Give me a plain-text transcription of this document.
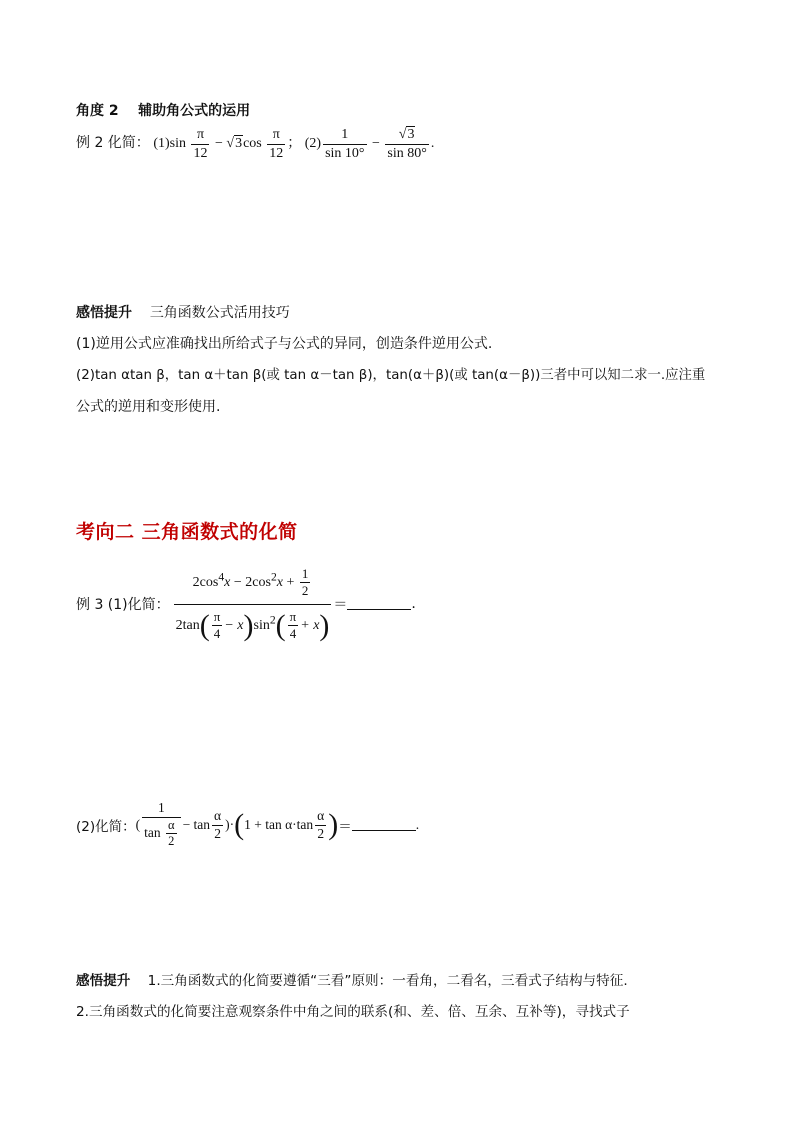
角度 2 辅助角公式的运用
例 2 化简： $(1)\sin \frac{\pi}{12} - √3\cos \frac{\pi}{12}$ ； $(2) \frac{1}{\sin 10^\circ} - \frac{√3}{\sin 80^\circ}$ .
感悟提升 三角函数公式活用技巧
(1)逆用公式应准确找出所给式子与公式的异同，创造条件逆用公式.
(2)tan αtan β，tan α＋tan β(或 tan α－tan β)，tan(α＋β)(或 tan(α－β))三者中可以知二求一.应注重
公式的逆用和变形使用.
考向二 三角函数式的化简
例 3 (1)化简：
$2\cos^4x - 2\cos^2x + \frac{1}{2}$
$2\tan( \frac{\pi}{4} - x)\sin^2( \frac{\pi}{4} + x)$
＝	.
(2)化简： ( $\frac{1}{\tan \frac{\alpha}{2}} - \tan \frac{\alpha}{2}$ ) · ( $1 + \tan \alpha\cdot\tan \frac{\alpha}{2}$ ) ＝	.
感悟提升 1.三角函数式的化简要遵循“三看”原则：一看角，二看名，三看式子结构与特征.
2.三角函数式的化简要注意观察条件中角之间的联系(和、差、倍、互余、互补等)，寻找式子
